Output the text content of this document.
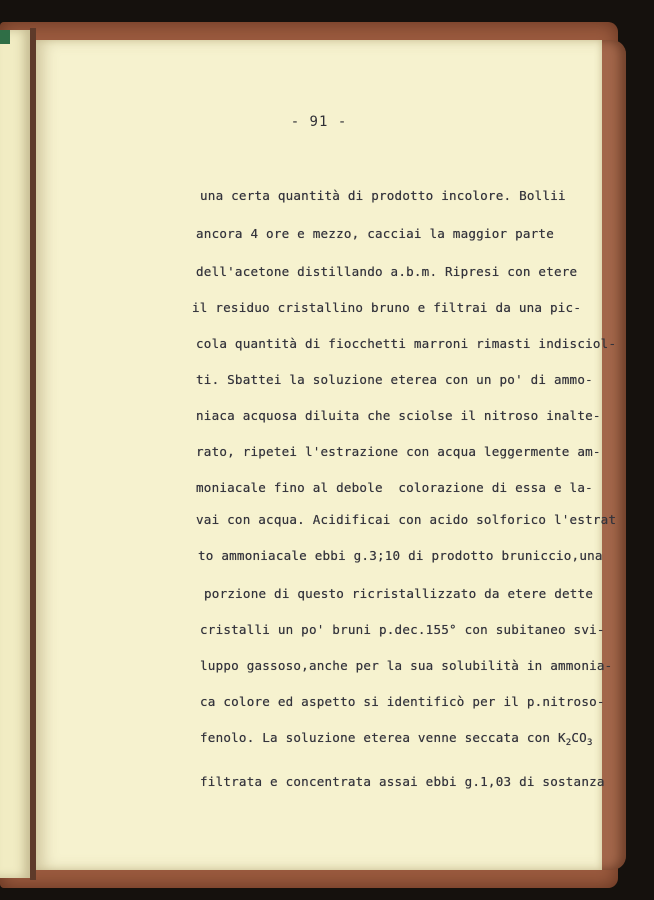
- 91 -
una certa quantità di prodotto incolore. Bollii
ancora 4 ore e mezzo, cacciai la maggior parte
dell'acetone distillando a.b.m. Ripresi con etere
il residuo cristallino bruno e filtrai da una pic-
cola quantità di fiocchetti marroni rimasti indisciol-
ti. Sbattei la soluzione eterea con un po' di ammo-
niaca acquosa diluita che sciolse il nitroso inalte-
rato, ripetei l'estrazione con acqua leggermente am-
moniacale fino al debole  colorazione di essa e la-
vai con acqua. Acidificai con acido solforico l'estrat
to ammoniacale ebbi g.3;10 di prodotto bruniccio,una
porzione di questo ricristallizzato da etere dette
cristalli un po' bruni p.dec.155° con subitaneo svi-
luppo gassoso,anche per la sua solubilità in ammonia-
ca colore ed aspetto si identificò per il p.nitroso-
fenolo. La soluzione eterea venne seccata con $K_2CO_3$
filtrata e concentrata assai ebbi g.1,03 di sostanza
